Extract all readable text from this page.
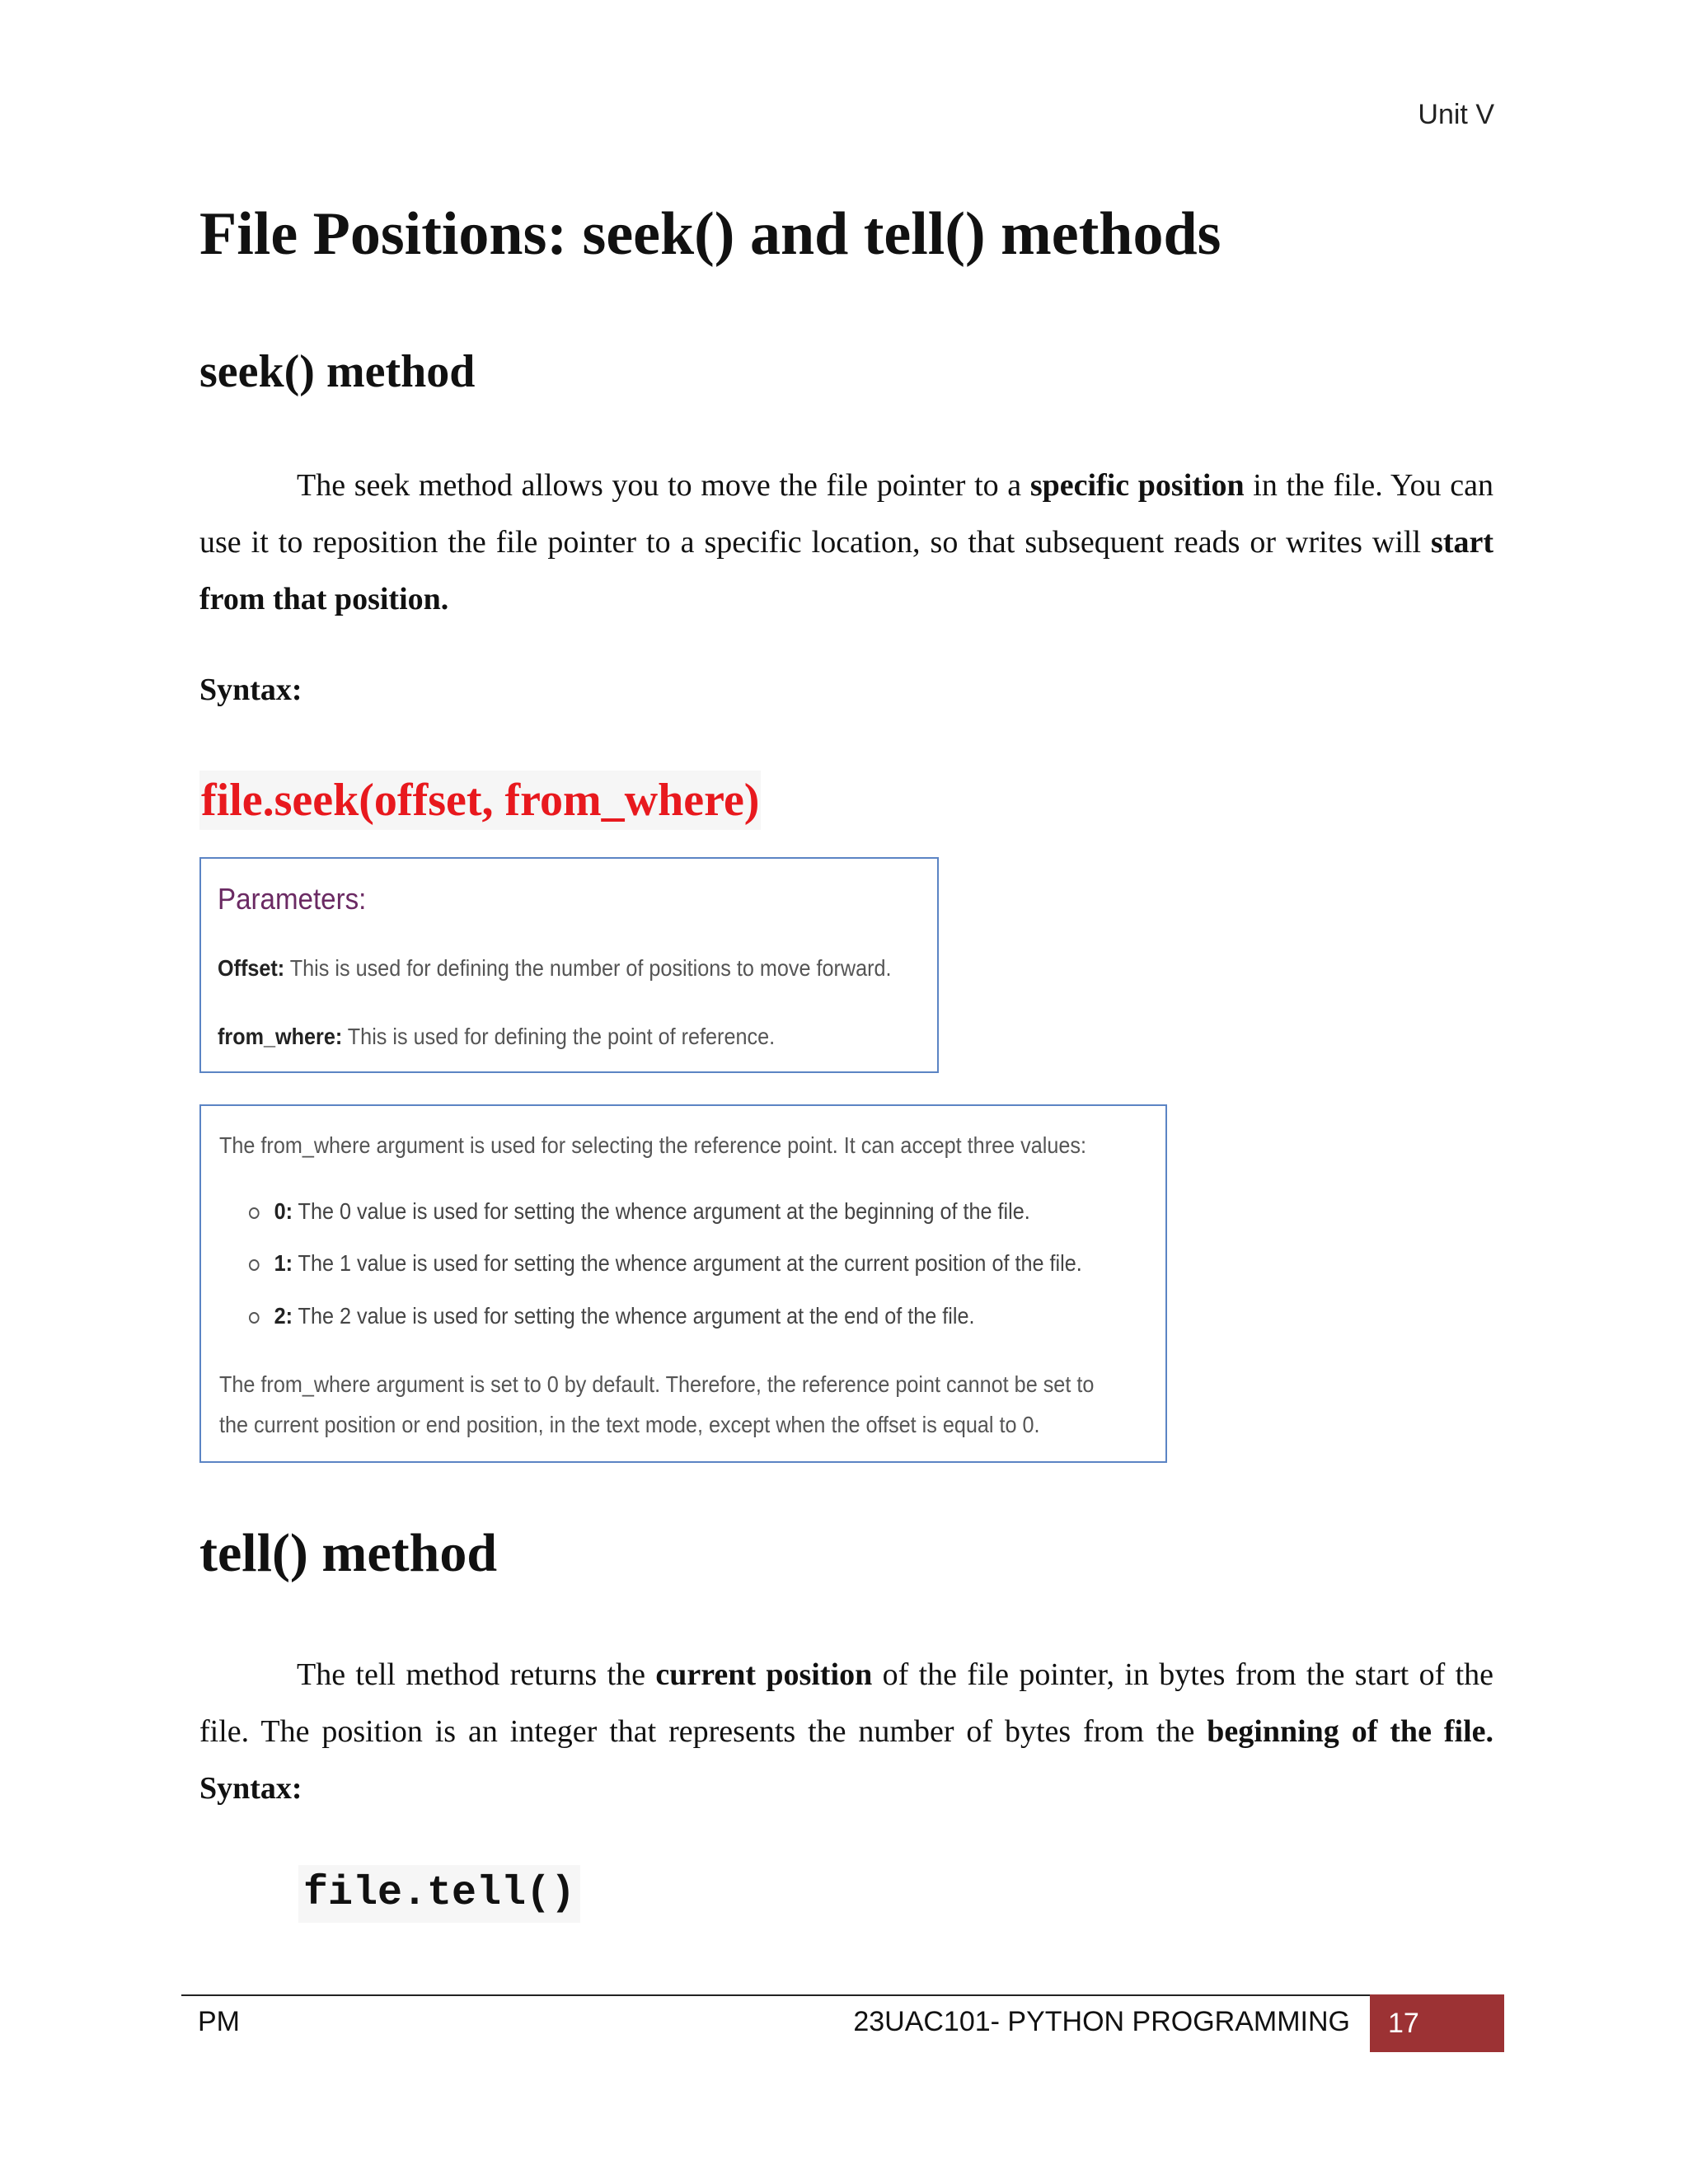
Unit V
File Positions: seek() and tell() methods
seek() method

The seek method allows you to move the file pointer to a specific position in the file. You can use it to reposition the file pointer to a specific location, so that subsequent reads or writes will start from that position.

Syntax:

file.seek(offset, from_where)
Parameters:
Offset: This is used for defining the number of positions to move forward.
from_where: This is used for defining the point of reference.
The from_where argument is used for selecting the reference point. It can accept three values:
0: The 0 value is used for setting the whence argument at the beginning of the file.
1: The 1 value is used for setting the whence argument at the current position of the file.
2: The 2 value is used for setting the whence argument at the end of the file.
The from_where argument is set to 0 by default. Therefore, the reference point cannot be set to
the current position or end position, in the text mode, except when the offset is equal to 0.
tell() method

The tell method returns the current position of the file pointer, in bytes from the start of the file. The position is an integer that represents the number of bytes from the beginning of the file. Syntax:

file.tell()
PM	23UAC101- PYTHON PROGRAMMING	17
